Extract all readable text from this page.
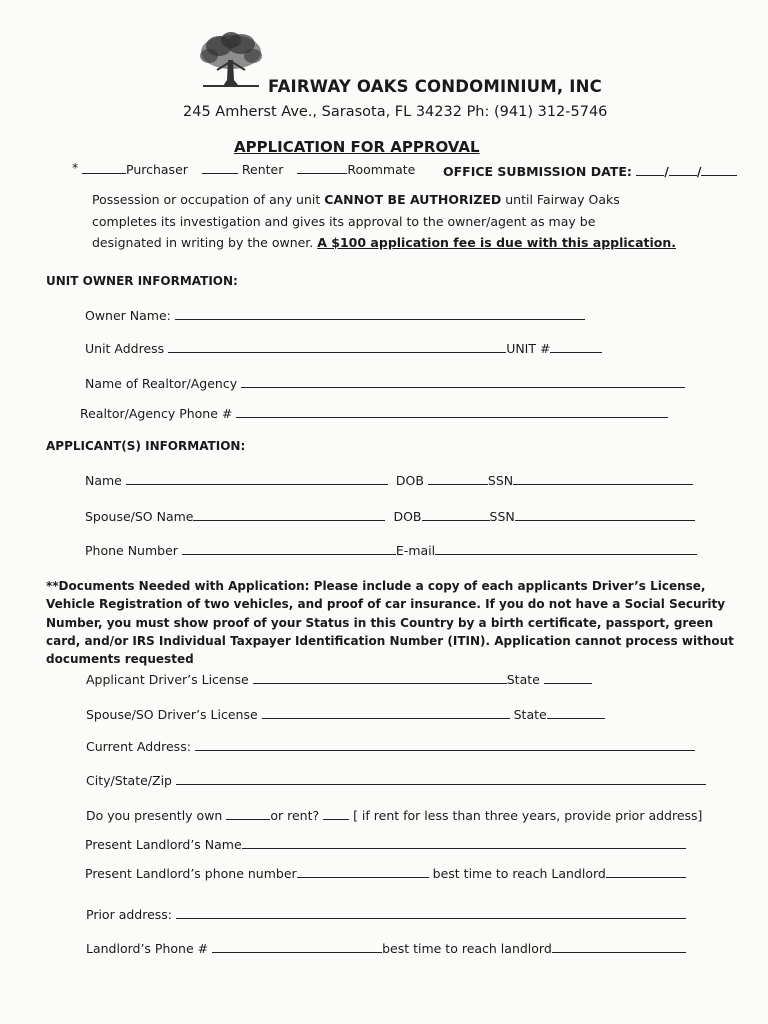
FAIRWAY OAKS CONDOMINIUM, INC
245 Amherst Ave., Sarasota, FL 34232 Ph: (941) 312-5746
APPLICATION FOR APPROVAL
*	Purchaser	Renter	Roommate OFFICE SUBMISSION DATE:	/ /
Possession or occupation of any unit CANNOT BE AUTHORIZED until Fairway Oaks
completes its investigation and gives its approval to the owner/agent as may be
designated in writing by the owner. A $100 application fee is due with this application.
UNIT OWNER INFORMATION:
Owner Name:
Unit Address	UNIT #
Name of Realtor/Agency
Realtor/Agency Phone #
APPLICANT(S) INFORMATION:
Name	DOB	SSN
Spouse/SO Name	DOB	SSN
Phone Number	E-mail
**Documents Needed with Application: Please include a copy of each applicants Driver’s License, Vehicle Registration of two vehicles, and proof of car insurance. If you do not have a Social Security Number, you must show proof of your Status in this Country by a birth certificate, passport, green card, and/or IRS Individual Taxpayer Identification Number (ITIN). Application cannot process without documents requested
Applicant Driver’s License	State
Spouse/SO Driver’s License	State
Current Address:
City/State/Zip
Do you presently own	or rent?	[ if rent for less than three years, provide prior address]
Present Landlord’s Name
Present Landlord’s phone number	best time to reach Landlord
Prior address:
Landlord’s Phone #	best time to reach landlord
